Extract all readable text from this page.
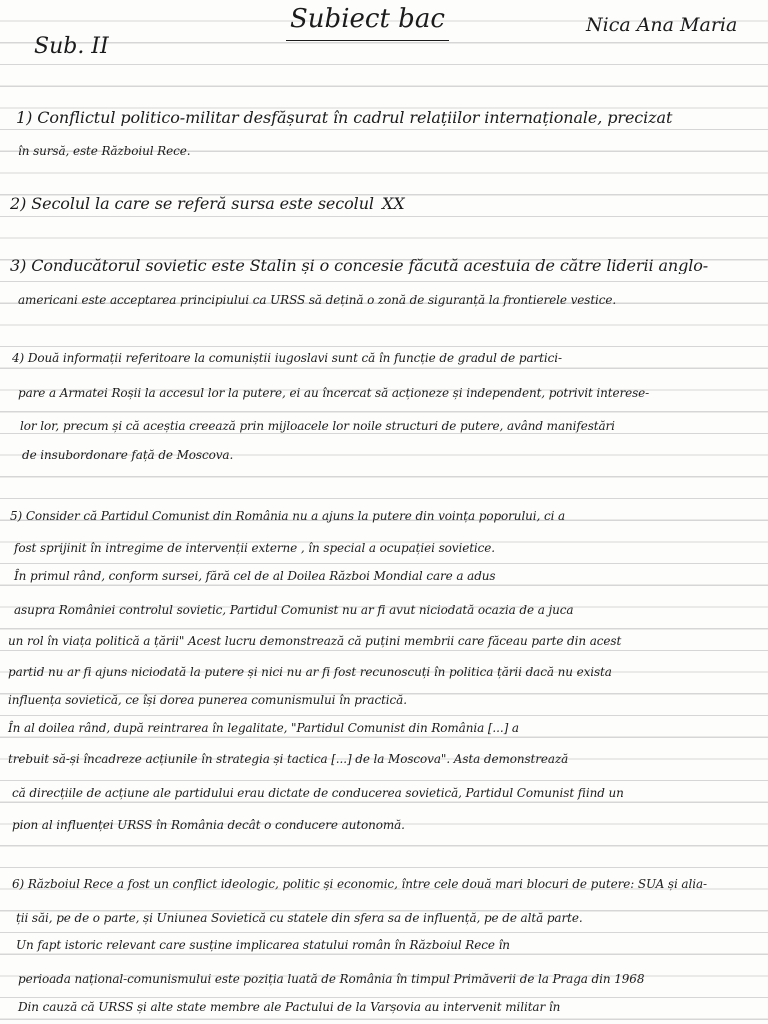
Subiect bac	Nica Ana Maria

Sub. II

1) Conflictul politico-militar desfășurat în cadrul relațiilor internaționale, precizat

în sursă, este Războiul Rece.

2) Secolul la care se referă sursa este secolul XX

3) Conducătorul sovietic este Stalin și o concesie făcută acestuia de către liderii anglo-

americani este acceptarea principiului ca URSS să dețină o zonă de siguranță la frontierele vestice.

4) Două informații referitoare la comuniștii iugoslavi sunt că în funcție de gradul de partici-

pare a Armatei Roșii la accesul lor la putere, ei au încercat să acționeze și independent, potrivit interese-

lor lor, precum și că aceștia creează prin mijloacele lor noile structuri de putere, având manifestări

de insubordonare față de Moscova.

5) Consider că Partidul Comunist din România nu a ajuns la putere din voința poporului, ci a

fost sprijinit în intregime de intervenții externe , în special a ocupației sovietice.

În primul rând, conform sursei, fără cel de al Doilea Război Mondial care a adus

asupra României controlul sovietic, Partidul Comunist nu ar fi avut niciodată ocazia de a juca

un rol în viața politică a țării" Acest lucru demonstrează că puțini membrii care făceau parte din acest

partid nu ar fi ajuns niciodată la putere și nici nu ar fi fost recunoscuți în politica țării dacă nu exista

influența sovietică, ce își dorea punerea comunismului în practică.

În al doilea rând, după reintrarea în legalitate, "Partidul Comunist din România [...] a

trebuit să-și încadreze acțiunile în strategia și tactica [...] de la Moscova". Asta demonstrează

că direcțiile de acțiune ale partidului erau dictate de conducerea sovietică, Partidul Comunist fiind un

pion al influenței URSS în România decât o conducere autonomă.

6) Războiul Rece a fost un conflict ideologic, politic și economic, între cele două mari blocuri de putere: SUA și alia-

ții săi, pe de o parte, și Uniunea Sovietică cu statele din sfera sa de influență, pe de altă parte.

Un fapt istoric relevant care susține implicarea statului român în Războiul Rece în

perioada național-comunismului este poziția luată de România în timpul Primăverii de la Praga din 1968

Din cauză că URSS și alte state membre ale Pactului de la Varșovia au intervenit militar în
